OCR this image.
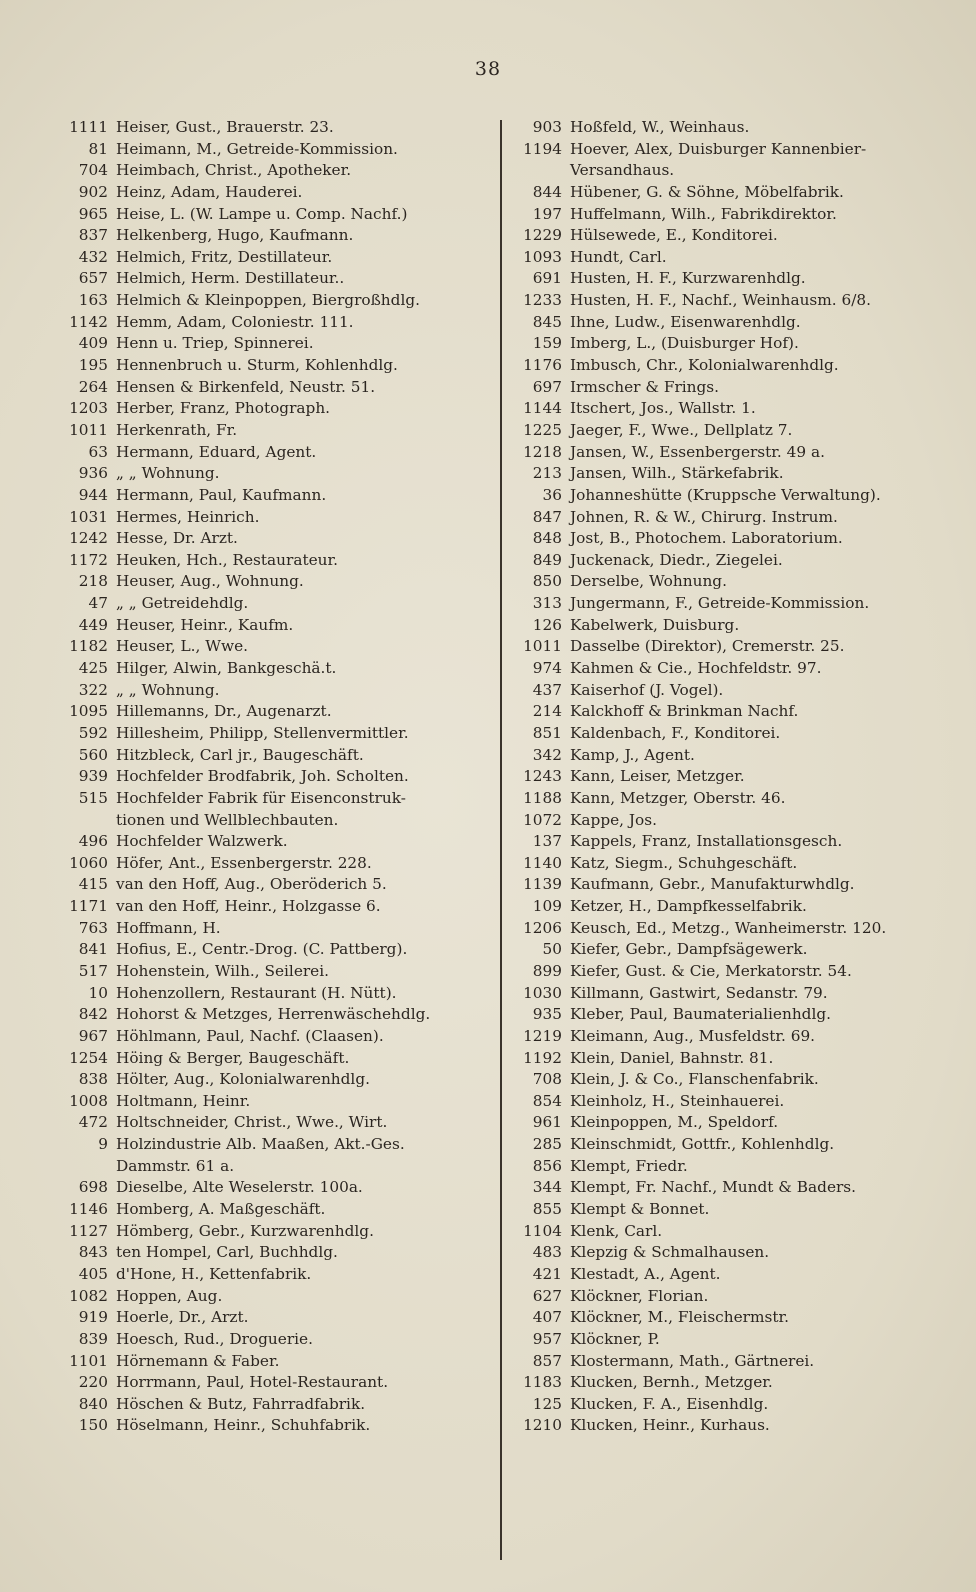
38
1111 Heiser, Gust., Brauerstr. 23.
81 Heimann, M., Getreide-Kommission.
704 Heimbach, Christ., Apotheker.
902 Heinz, Adam, Hauderei.
965 Heise, L. (W. Lampe u. Comp. Nachf.)
837 Helkenberg, Hugo, Kaufmann.
432 Helmich, Fritz, Destillateur.
657 Helmich, Herm. Destillateur..
163 Helmich & Kleinpoppen, Biergroßhdlg.
1142 Hemm, Adam, Coloniestr. 111.
409 Henn u. Triep, Spinnerei.
195 Hennenbruch u. Sturm, Kohlenhdlg.
264 Hensen & Birkenfeld, Neustr. 51.
1203 Herber, Franz, Photograph.
1011 Herkenrath, Fr.
63 Hermann, Eduard, Agent.
936 „ „ Wohnung.
944 Hermann, Paul, Kaufmann.
1031 Hermes, Heinrich.
1242 Hesse, Dr. Arzt.
1172 Heuken, Hch., Restaurateur.
218 Heuser, Aug., Wohnung.
47 „ „ Getreidehdlg.
449 Heuser, Heinr., Kaufm.
1182 Heuser, L., Wwe.
425 Hilger, Alwin, Bankgeschä.t.
322 „ „ Wohnung.
1095 Hillemanns, Dr., Augenarzt.
592 Hillesheim, Philipp, Stellenvermittler.
560 Hitzbleck, Carl jr., Baugeschäft.
939 Hochfelder Brodfabrik, Joh. Scholten.
515 Hochfelder Fabrik für Eisenconstruk-
tionen und Wellblechbauten.
496 Hochfelder Walzwerk.
1060 Höfer, Ant., Essenbergerstr. 228.
415 van den Hoff, Aug., Oberöderich 5.
1171 van den Hoff, Heinr., Holzgasse 6.
763 Hoffmann, H.
841 Hofius, E., Centr.-Drog. (C. Pattberg).
517 Hohenstein, Wilh., Seilerei.
10 Hohenzollern, Restaurant (H. Nütt).
842 Hohorst & Metzges, Herrenwäschehdlg.
967 Höhlmann, Paul, Nachf. (Claasen).
1254 Höing & Berger, Baugeschäft.
838 Hölter, Aug., Kolonialwarenhdlg.
1008 Holtmann, Heinr.
472 Holtschneider, Christ., Wwe., Wirt.
9 Holzindustrie Alb. Maaßen, Akt.-Ges.
Dammstr. 61 a.
698 Dieselbe, Alte Weselerstr. 100a.
1146 Homberg, A. Maßgeschäft.
1127 Hömberg, Gebr., Kurzwarenhdlg.
843 ten Hompel, Carl, Buchhdlg.
405 d'Hone, H., Kettenfabrik.
1082 Hoppen, Aug.
919 Hoerle, Dr., Arzt.
839 Hoesch, Rud., Droguerie.
1101 Hörnemann & Faber.
220 Horrmann, Paul, Hotel-Restaurant.
840 Höschen & Butz, Fahrradfabrik.
150 Höselmann, Heinr., Schuhfabrik.
903 Hoßfeld, W., Weinhaus.
1194 Hoever, Alex, Duisburger Kannenbier-
Versandhaus.
844 Hübener, G. & Söhne, Möbelfabrik.
197 Huffelmann, Wilh., Fabrikdirektor.
1229 Hülsewede, E., Konditorei.
1093 Hundt, Carl.
691 Husten, H. F., Kurzwarenhdlg.
1233 Husten, H. F., Nachf., Weinhausm. 6/8.
845 Ihne, Ludw., Eisenwarenhdlg.
159 Imberg, L., (Duisburger Hof).
1176 Imbusch, Chr., Kolonialwarenhdlg.
697 Irmscher & Frings.
1144 Itschert, Jos., Wallstr. 1.
1225 Jaeger, F., Wwe., Dellplatz 7.
1218 Jansen, W., Essenbergerstr. 49 a.
213 Jansen, Wilh., Stärkefabrik.
36 Johanneshütte (Kruppsche Verwaltung).
847 Johnen, R. & W., Chirurg. Instrum.
848 Jost, B., Photochem. Laboratorium.
849 Juckenack, Diedr., Ziegelei.
850 Derselbe, Wohnung.
313 Jungermann, F., Getreide-Kommission.
126 Kabelwerk, Duisburg.
1011 Dasselbe (Direktor), Cremerstr. 25.
974 Kahmen & Cie., Hochfeldstr. 97.
437 Kaiserhof (J. Vogel).
214 Kalckhoff & Brinkman Nachf.
851 Kaldenbach, F., Konditorei.
342 Kamp, J., Agent.
1243 Kann, Leiser, Metzger.
1188 Kann, Metzger, Oberstr. 46.
1072 Kappe, Jos.
137 Kappels, Franz, Installationsgesch.
1140 Katz, Siegm., Schuhgeschäft.
1139 Kaufmann, Gebr., Manufakturwhdlg.
109 Ketzer, H., Dampfkesselfabrik.
1206 Keusch, Ed., Metzg., Wanheimerstr. 120.
50 Kiefer, Gebr., Dampfsägewerk.
899 Kiefer, Gust. & Cie, Merkatorstr. 54.
1030 Killmann, Gastwirt, Sedanstr. 79.
935 Kleber, Paul, Baumaterialienhdlg.
1219 Kleimann, Aug., Musfeldstr. 69.
1192 Klein, Daniel, Bahnstr. 81.
708 Klein, J. & Co., Flanschenfabrik.
854 Kleinholz, H., Steinhauerei.
961 Kleinpoppen, M., Speldorf.
285 Kleinschmidt, Gottfr., Kohlenhdlg.
856 Klempt, Friedr.
344 Klempt, Fr. Nachf., Mundt & Baders.
855 Klempt & Bonnet.
1104 Klenk, Carl.
483 Klepzig & Schmalhausen.
421 Klestadt, A., Agent.
627 Klöckner, Florian.
407 Klöckner, M., Fleischermstr.
957 Klöckner, P.
857 Klostermann, Math., Gärtnerei.
1183 Klucken, Bernh., Metzger.
125 Klucken, F. A., Eisenhdlg.
1210 Klucken, Heinr., Kurhaus.
